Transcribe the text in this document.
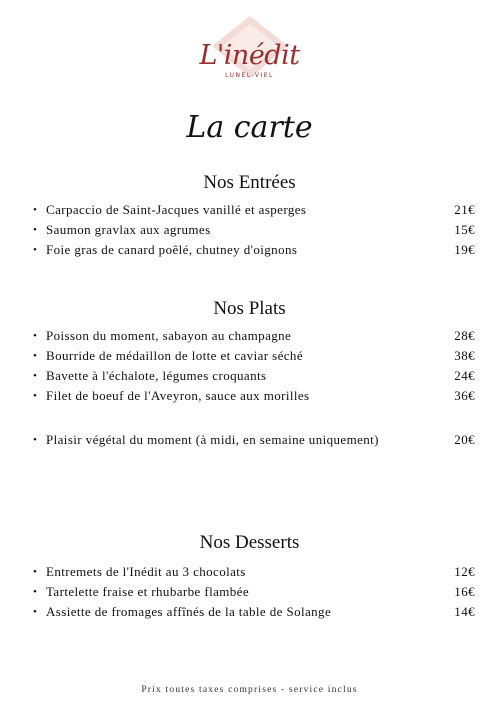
L'inédit
LUNEL-VIEL
La carte
Nos Entrées
• Carpaccio de Saint-Jacques vanillé et asperges	21€
• Saumon gravlax aux agrumes	15€
• Foie gras de canard poêlé, chutney d'oignons	19€
Nos Plats
• Poisson du moment, sabayon au champagne	28€
• Bourride de médaillon de lotte et caviar séché	38€
• Bavette à l'échalote, légumes croquants	24€
• Filet de boeuf de l'Aveyron, sauce aux morilles	36€
• Plaisir végétal du moment (à midi, en semaine uniquement)	20€
Nos Desserts
• Entremets de l'Inédit au 3 chocolats	12€
• Tartelette fraise et rhubarbe flambée	16€
• Assiette de fromages affînés de la table de Solange	14€
Prix toutes taxes comprises - service inclus
